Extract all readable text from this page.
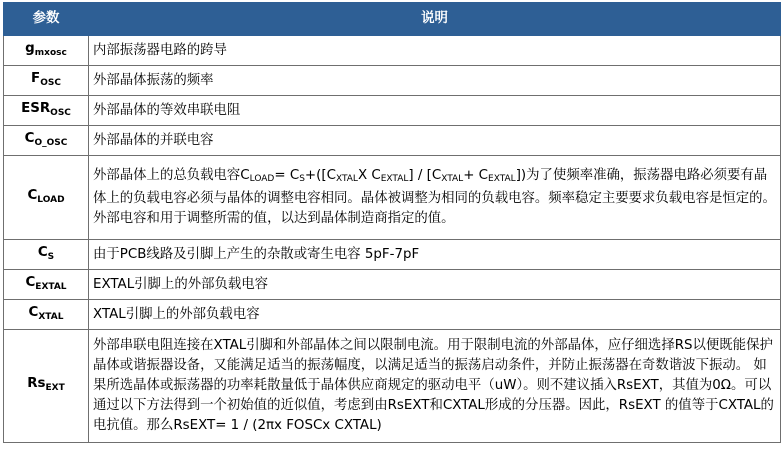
参数	说明
$g_{mxosc}$	内部振荡器电路的跨导
$F_{OSC}$	外部晶体振荡的频率
$ESR_{OSC}$	外部晶体的等效串联电阻
$C_{O\_OSC}$	外部晶体的并联电容
$C_{LOAD}$	外部晶体上的总负载电容$C_{LOAD}= C_S+([C_{XTAL}X$ $C_{EXTAL}] / [C_{XTAL}+ C_{EXTAL}]$)为了使频率准确，振荡器电路必须要有晶体上的负载电容必须与晶体的调整电容相同。晶体被调整为相同的负载电容。频率稳定主要要求负载电容是恒定的。外部电容和用于调整所需的值，以达到晶体制造商指定的值。
$C_S$	由于PCB线路及引脚上产生的杂散或寄生电容 5pF-7pF
$C_{EXTAL}$	EXTAL引脚上的外部负载电容
$C_{XTAL}$	XTAL引脚上的外部负载电容
$Rs_{EXT}$	外部串联电阻连接在XTAL引脚和外部晶体之间以限制电流。用于限制电流的外部晶体，应仔细选择RS以便既能保护晶体或谐振器设备，又能满足适当的振荡幅度，以满足适当的振荡启动条件，并防止振荡器在奇数谐波下振动。 如果所选晶体或振荡器的功率耗散量低于晶体供应商规定的驱动电平（uW）。则不建议插入RsEXT，其值为0Ω。可以通过以下方法得到一个初始值的近似值，考虑到由RsEXT和CXTAL形成的分压器。因此，RsEXT 的值等于CXTAL的电抗值。那么RsEXT= 1 / (2πx FOSCx CXTAL)
